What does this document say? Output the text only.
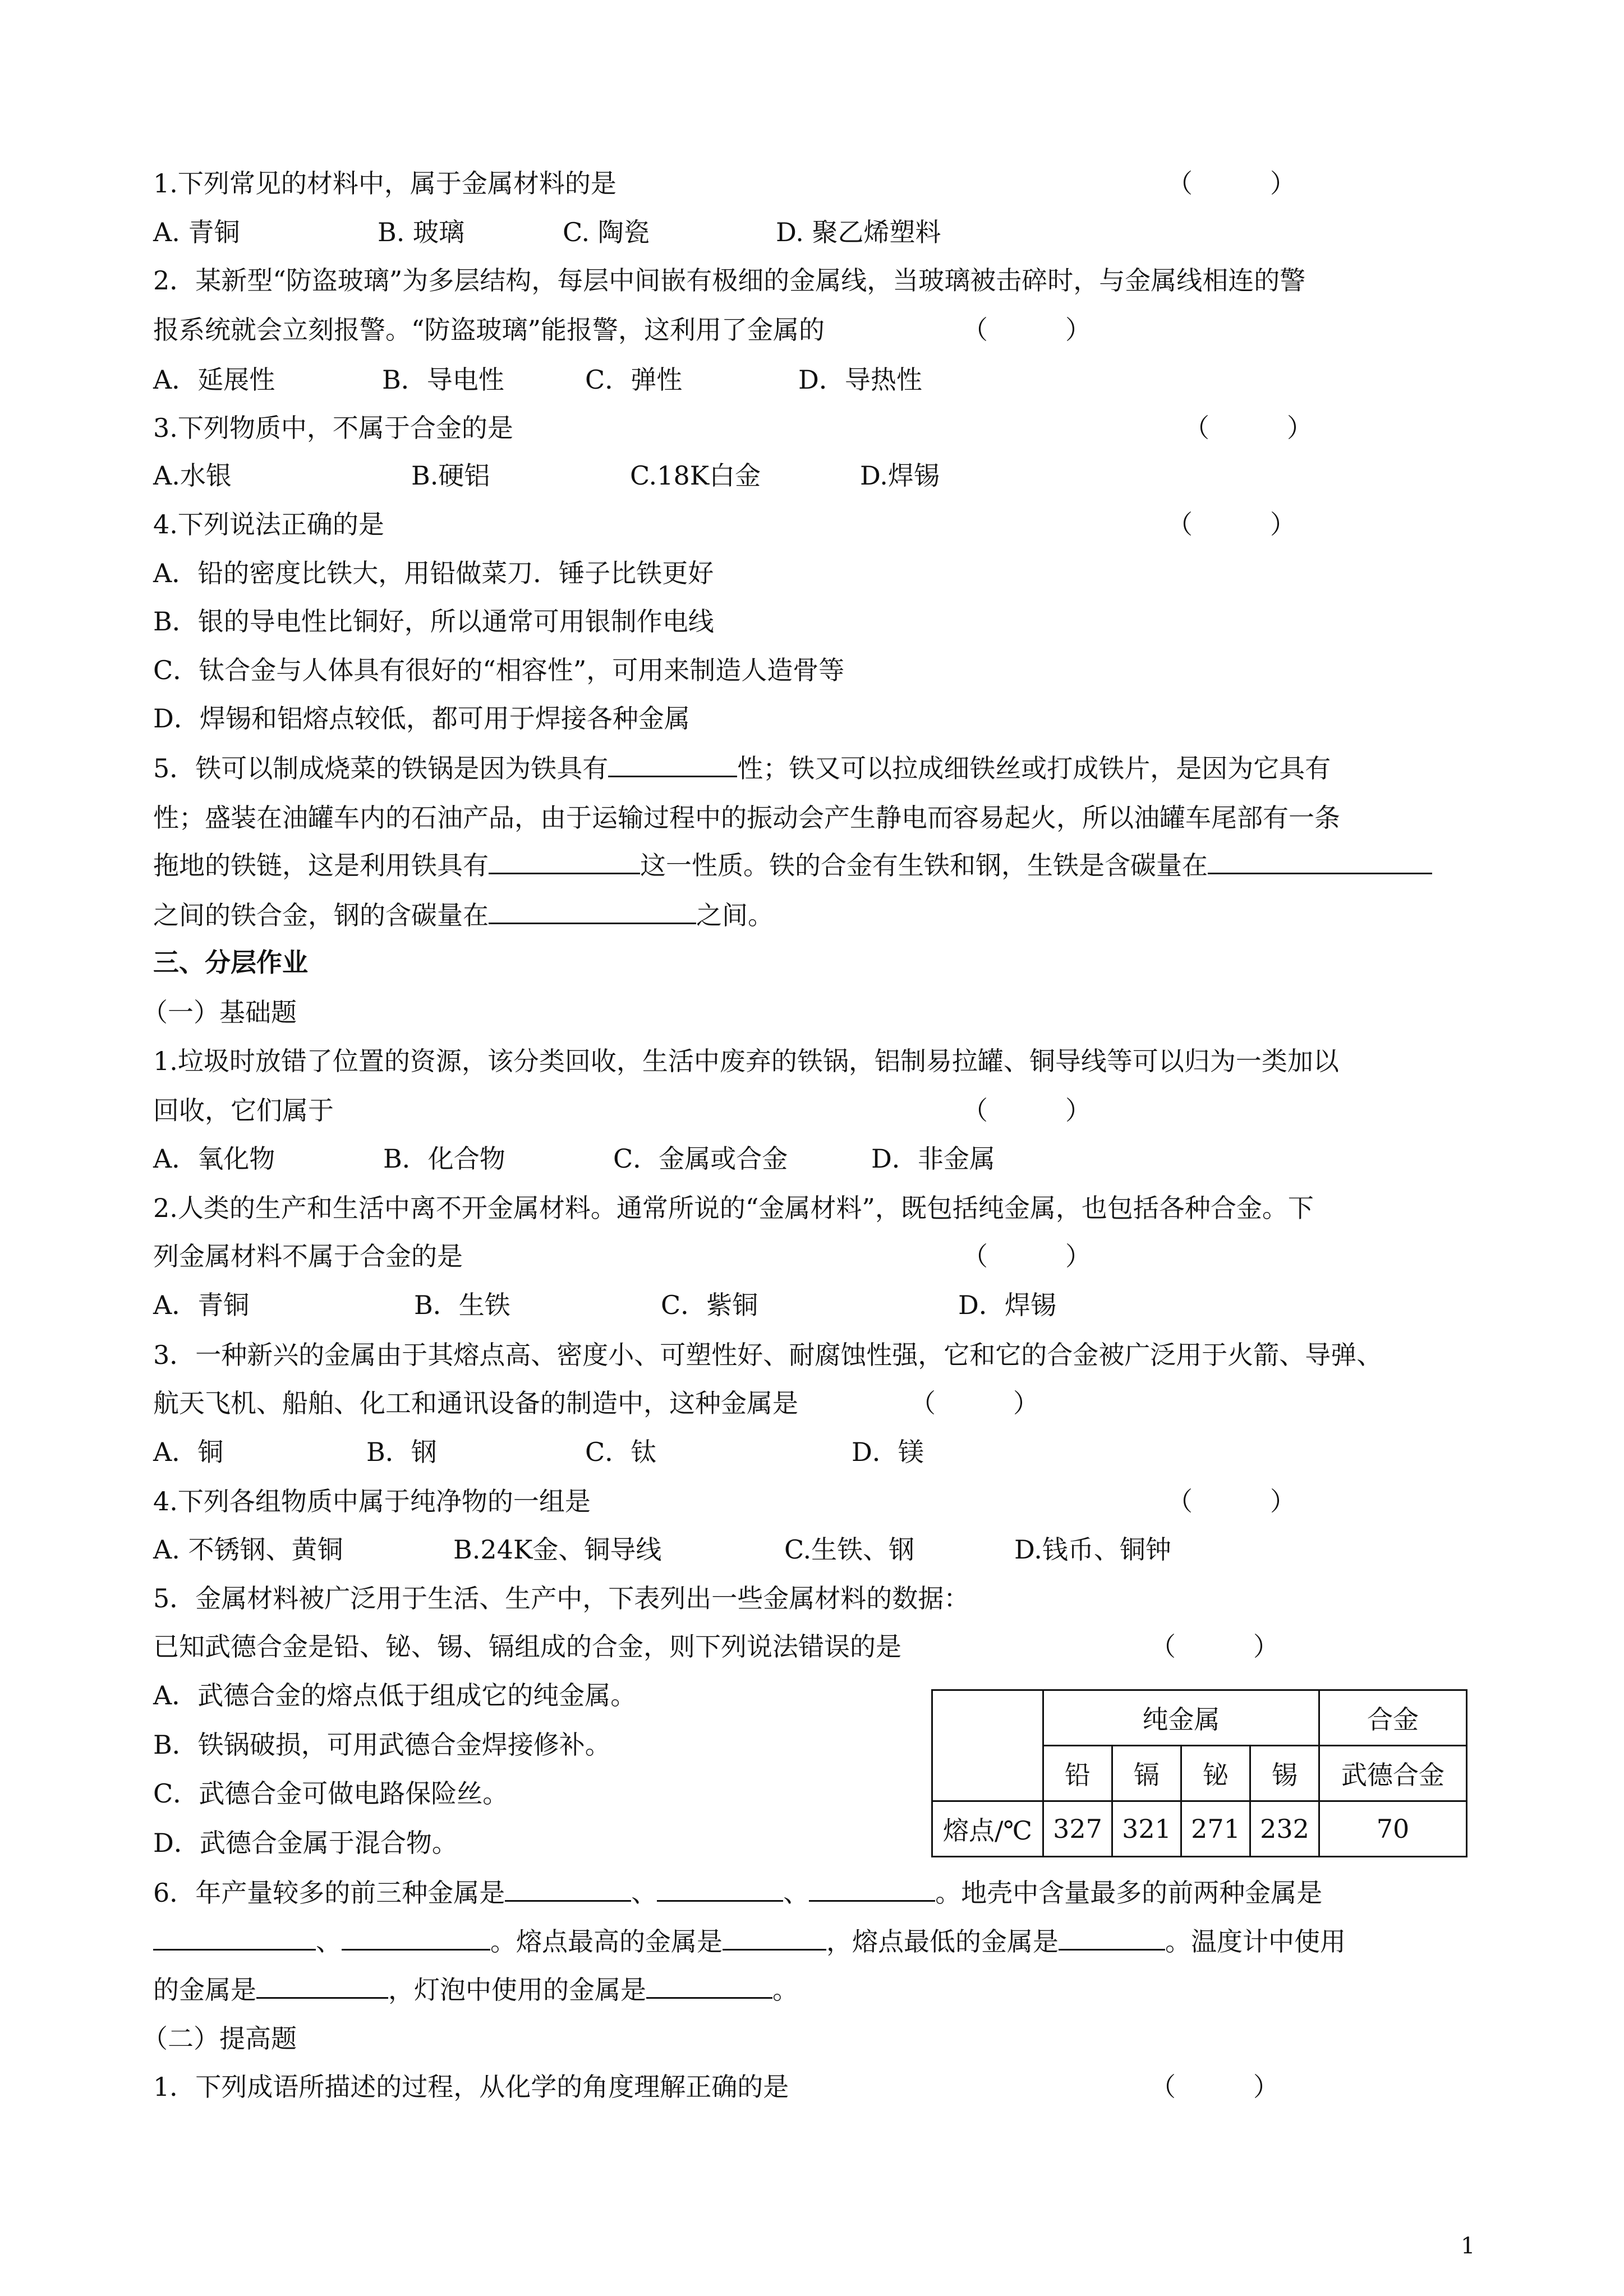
1.下列常见的材料中，属于金属材料的是	（　　　）
A. 青铜	B. 玻璃	C. 陶瓷	D. 聚乙烯塑料
2．某新型“防盗玻璃”为多层结构，每层中间嵌有极细的金属线，当玻璃被击碎时，与金属线相连的警
报系统就会立刻报警。“防盗玻璃”能报警，这利用了金属的	（　　　）
A．延展性	B．导电性	C．弹性	D．导热性
3.下列物质中，不属于合金的是	（　　　）
A.水银	B.硬铝	C.18K白金	D.焊锡
4.下列说法正确的是	（　　　）
A．铅的密度比铁大，用铅做菜刀．锤子比铁更好
B．银的导电性比铜好，所以通常可用银制作电线
C．钛合金与人体具有很好的“相容性”，可用来制造人造骨等
D．焊锡和铝熔点较低，都可用于焊接各种金属
5．铁可以制成烧菜的铁锅是因为铁具有	性；铁又可以拉成细铁丝或打成铁片，是因为它具有
性；盛装在油罐车内的石油产品，由于运输过程中的振动会产生静电而容易起火，所以油罐车尾部有一条
拖地的铁链，这是利用铁具有	这一性质。铁的合金有生铁和钢，生铁是含碳量在
之间的铁合金，钢的含碳量在	之间。
三、分层作业
（一）基础题
1.垃圾时放错了位置的资源，该分类回收，生活中废弃的铁锅，铝制易拉罐、铜导线等可以归为一类加以
回收，它们属于	（　　　）
A．氧化物	B．化合物	C．金属或合金	D．非金属
2.人类的生产和生活中离不开金属材料。通常所说的“金属材料”，既包括纯金属，也包括各种合金。下
列金属材料不属于合金的是	（　　　）
A．青铜	B．生铁	C．紫铜	D．焊锡
3．一种新兴的金属由于其熔点高、密度小、可塑性好、耐腐蚀性强，它和它的合金被广泛用于火箭、导弹、
航天飞机、船舶、化工和通讯设备的制造中，这种金属是	（　　　）
A．铜	B．钢	C．钛	D．镁
4.下列各组物质中属于纯净物的一组是	（　　　）
A. 不锈钢、黄铜	B.24K金、铜导线	C.生铁、钢	D.钱币、铜钟
5．金属材料被广泛用于生活、生产中，下表列出一些金属材料的数据：
已知武德合金是铅、铋、锡、镉组成的合金，则下列说法错误的是	（　　　）
A．武德合金的熔点低于组成它的纯金属。
B．铁锅破损，可用武德合金焊接修补。
C．武德合金可做电路保险丝。
D．武德合金属于混合物。
	纯金属				合金
	铅	镉	铋	锡	武德合金
熔点/℃	327	321	271	232	70
6．年产量较多的前三种金属是	、	、	。地壳中含量最多的前两种金属是
、	。熔点最高的金属是	，熔点最低的金属是	。温度计中使用
的金属是	，灯泡中使用的金属是	。
（二）提高题
1．下列成语所描述的过程，从化学的角度理解正确的是	（　　　）
1
